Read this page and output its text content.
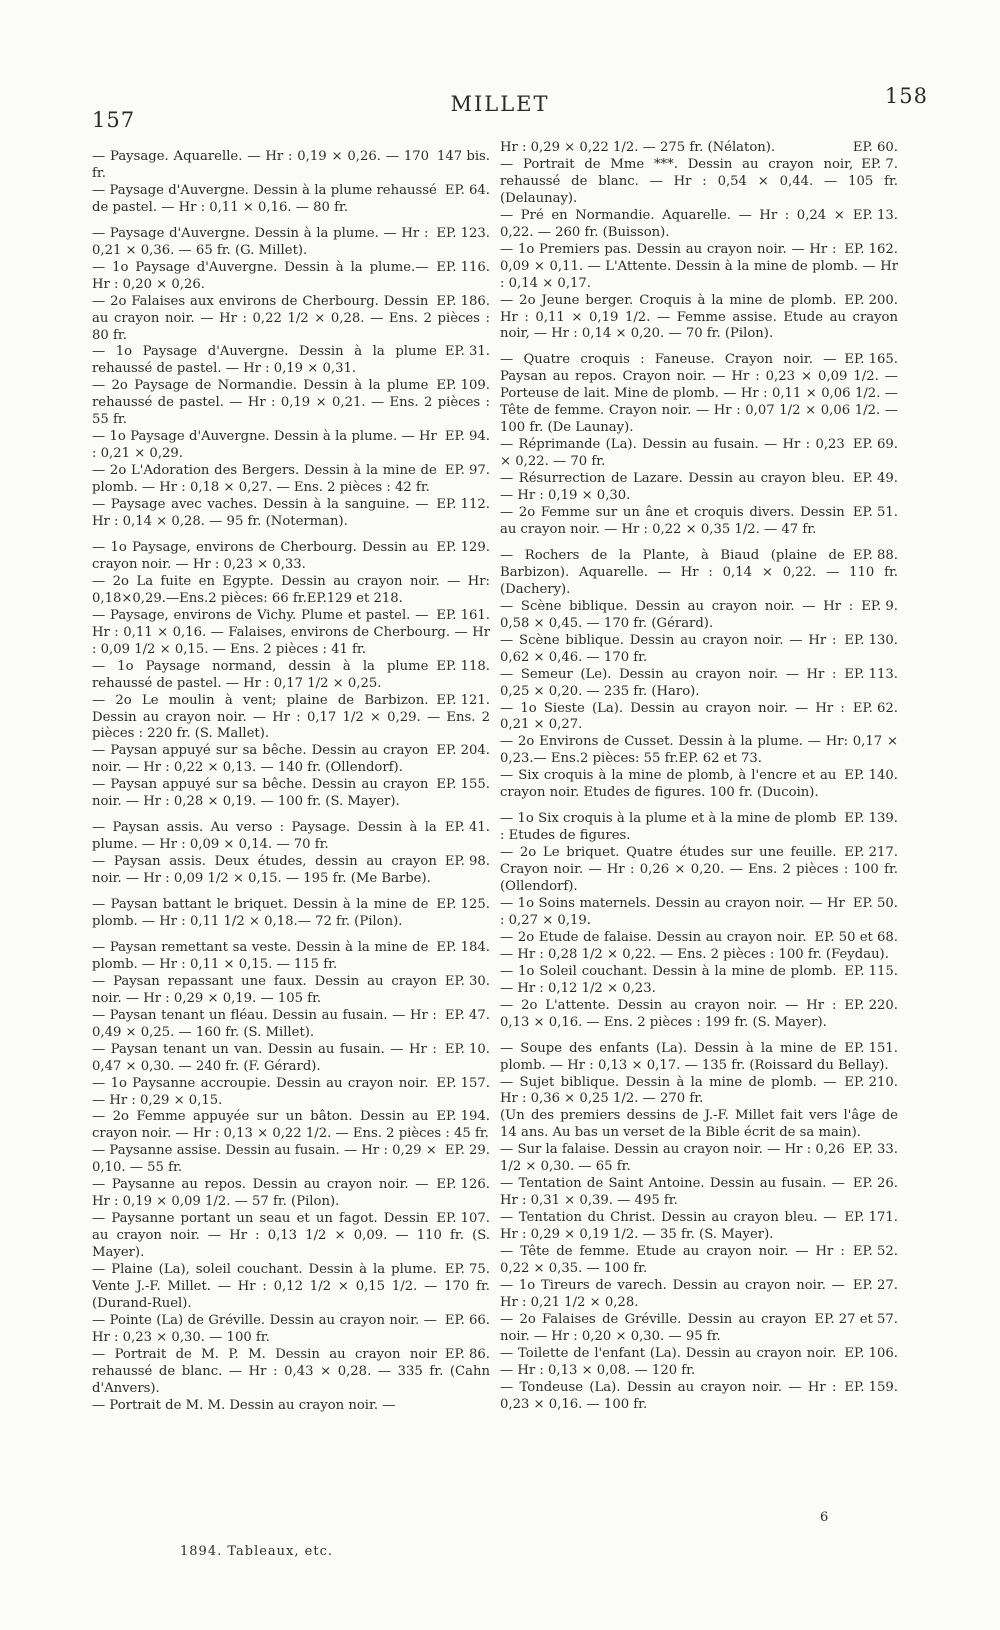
157
MILLET	158

147 bis.
— Paysage. Aquarelle. — Hr : 0,19 × 0,26. — 170 fr.

EP. 64.
— Paysage d'Auvergne. Dessin à la plume rehaussé de pastel. — Hr : 0,11 × 0,16. — 80 fr.

EP. 123.
— Paysage d'Auvergne. Dessin à la plume. — Hr : 0,21 × 0,36. — 65 fr. (G. Millet).

EP. 116.
— 1o Paysage d'Auvergne. Dessin à la plume.— Hr : 0,20 × 0,26.

EP. 186.
— 2o Falaises aux environs de Cherbourg. Dessin au crayon noir. — Hr : 0,22 1/2 × 0,28. — Ens. 2 pièces : 80 fr.

EP. 31.
— 1o Paysage d'Auvergne. Dessin à la plume rehaussé de pastel. — Hr : 0,19 × 0,31.

EP. 109.
— 2o Paysage de Normandie. Dessin à la plume rehaussé de pastel. — Hr : 0,19 × 0,21. — Ens. 2 pièces : 55 fr.

EP. 94.
— 1o Paysage d'Auvergne. Dessin à la plume. — Hr : 0,21 × 0,29.

EP. 97.
— 2o L'Adoration des Bergers. Dessin à la mine de plomb. — Hr : 0,18 × 0,27. — Ens. 2 pièces : 42 fr.

EP. 112.
— Paysage avec vaches. Dessin à la sanguine. — Hr : 0,14 × 0,28. — 95 fr. (Noterman).

EP. 129.
— 1o Paysage, environs de Cherbourg. Dessin au crayon noir. — Hr : 0,23 × 0,33.

— 2o La fuite en Egypte. Dessin au crayon noir. — Hr: 0,18×0,29.—Ens.2 pièces: 66 fr.EP.129 et 218.

EP. 161.
— Paysage, environs de Vichy. Plume et pastel. — Hr : 0,11 × 0,16. — Falaises, environs de Cherbourg. — Hr : 0,09 1/2 × 0,15. — Ens. 2 pièces : 41 fr.

EP. 118.
— 1o Paysage normand, dessin à la plume rehaussé de pastel. — Hr : 0,17 1/2 × 0,25.

EP. 121.
— 2o Le moulin à vent; plaine de Barbizon. Dessin au crayon noir. — Hr : 0,17 1/2 × 0,29. — Ens. 2 pièces : 220 fr. (S. Mallet).

EP. 204.
— Paysan appuyé sur sa bêche. Dessin au crayon noir. — Hr : 0,22 × 0,13. — 140 fr. (Ollendorf).

EP. 155.
— Paysan appuyé sur sa bêche. Dessin au crayon noir. — Hr : 0,28 × 0,19. — 100 fr. (S. Mayer).

EP. 41.
— Paysan assis. Au verso : Paysage. Dessin à la plume. — Hr : 0,09 × 0,14. — 70 fr.

EP. 98.
— Paysan assis. Deux études, dessin au crayon noir. — Hr : 0,09 1/2 × 0,15. — 195 fr. (Me Barbe).

EP. 125.
— Paysan battant le briquet. Dessin à la mine de plomb. — Hr : 0,11 1/2 × 0,18.— 72 fr. (Pilon).

EP. 184.
— Paysan remettant sa veste. Dessin à la mine de plomb. — Hr : 0,11 × 0,15. — 115 fr.

EP. 30.
— Paysan repassant une faux. Dessin au crayon noir. — Hr : 0,29 × 0,19. — 105 fr.

EP. 47.
— Paysan tenant un fléau. Dessin au fusain. — Hr : 0,49 × 0,25. — 160 fr. (S. Millet).

EP. 10.
— Paysan tenant un van. Dessin au fusain. — Hr : 0,47 × 0,30. — 240 fr. (F. Gérard).

EP. 157.
— 1o Paysanne accroupie. Dessin au crayon noir. — Hr : 0,29 × 0,15.

EP. 194.
— 2o Femme appuyée sur un bâton. Dessin au crayon noir. — Hr : 0,13 × 0,22 1/2. — Ens. 2 pièces : 45 fr.

EP. 29.
— Paysanne assise. Dessin au fusain. — Hr : 0,29 × 0,10. — 55 fr.

EP. 126.
— Paysanne au repos. Dessin au crayon noir. — Hr : 0,19 × 0,09 1/2. — 57 fr. (Pilon).

EP. 107.
— Paysanne portant un seau et un fagot. Dessin au crayon noir. — Hr : 0,13 1/2 × 0,09. — 110 fr. (S. Mayer).

EP. 75.
— Plaine (La), soleil couchant. Dessin à la plume. Vente J.-F. Millet. — Hr : 0,12 1/2 × 0,15 1/2. — 170 fr. (Durand-Ruel).

EP. 66.
— Pointe (La) de Gréville. Dessin au crayon noir. — Hr : 0,23 × 0,30. — 100 fr.

EP. 86.
— Portrait de M. P. M. Dessin au crayon noir rehaussé de blanc. — Hr : 0,43 × 0,28. — 335 fr. (Cahn d'Anvers).

— Portrait de M. M. Dessin au crayon noir. —

EP. 60.
Hr : 0,29 × 0,22 1/2. — 275 fr. (Nélaton).

EP. 7.
— Portrait de Mme ***. Dessin au crayon noir, rehaussé de blanc. — Hr : 0,54 × 0,44. — 105 fr. (Delaunay).

EP. 13.
— Pré en Normandie. Aquarelle. — Hr : 0,24 × 0,22. — 260 fr. (Buisson).

EP. 162.
— 1o Premiers pas. Dessin au crayon noir. — Hr : 0,09 × 0,11. — L'Attente. Dessin à la mine de plomb. — Hr : 0,14 × 0,17.

EP. 200.
— 2o Jeune berger. Croquis à la mine de plomb. Hr : 0,11 × 0,19 1/2. — Femme assise. Etude au crayon noir, — Hr : 0,14 × 0,20. — 70 fr. (Pilon).

EP. 165.
— Quatre croquis : Faneuse. Crayon noir. — Paysan au repos. Crayon noir. — Hr : 0,23 × 0,09 1/2. — Porteuse de lait. Mine de plomb. — Hr : 0,11 × 0,06 1/2. — Tête de femme. Crayon noir. — Hr : 0,07 1/2 × 0,06 1/2. — 100 fr. (De Launay).

EP. 69.
— Réprimande (La). Dessin au fusain. — Hr : 0,23 × 0,22. — 70 fr.

EP. 49.
— Résurrection de Lazare. Dessin au crayon bleu. — Hr : 0,19 × 0,30.

EP. 51.
— 2o Femme sur un âne et croquis divers. Dessin au crayon noir. — Hr : 0,22 × 0,35 1/2. — 47 fr.

EP. 88.
— Rochers de la Plante, à Biaud (plaine de Barbizon). Aquarelle. — Hr : 0,14 × 0,22. — 110 fr. (Dachery).

EP. 9.
— Scène biblique. Dessin au crayon noir. — Hr : 0,58 × 0,45. — 170 fr. (Gérard).

EP. 130.
— Scène biblique. Dessin au crayon noir. — Hr : 0,62 × 0,46. — 170 fr.

EP. 113.
— Semeur (Le). Dessin au crayon noir. — Hr : 0,25 × 0,20. — 235 fr. (Haro).

EP. 62.
— 1o Sieste (La). Dessin au crayon noir. — Hr : 0,21 × 0,27.

— 2o Environs de Cusset. Dessin à la plume. — Hr: 0,17 × 0,23.— Ens.2 pièces: 55 fr.EP. 62 et 73.

EP. 140.
— Six croquis à la mine de plomb, à l'encre et au crayon noir. Etudes de figures. 100 fr. (Ducoin).

EP. 139.
— 1o Six croquis à la plume et à la mine de plomb : Etudes de figures.

EP. 217.
— 2o Le briquet. Quatre études sur une feuille. Crayon noir. — Hr : 0,26 × 0,20. — Ens. 2 pièces : 100 fr. (Ollendorf).

EP. 50.
— 1o Soins maternels. Dessin au crayon noir. — Hr : 0,27 × 0,19.

EP. 50 et 68.
— 2o Etude de falaise. Dessin au crayon noir. — Hr : 0,28 1/2 × 0,22. — Ens. 2 pièces : 100 fr. (Feydau).

EP. 115.
— 1o Soleil couchant. Dessin à la mine de plomb. — Hr : 0,12 1/2 × 0,23.

EP. 220.
— 2o L'attente. Dessin au crayon noir. — Hr : 0,13 × 0,16. — Ens. 2 pièces : 199 fr. (S. Mayer).

EP. 151.
— Soupe des enfants (La). Dessin à la mine de plomb. — Hr : 0,13 × 0,17. — 135 fr. (Roissard du Bellay).

EP. 210.
— Sujet biblique. Dessin à la mine de plomb. — Hr : 0,36 × 0,25 1/2. — 270 fr.

(Un des premiers dessins de J.-F. Millet fait vers l'âge de 14 ans. Au bas un verset de la Bible écrit de sa main).

EP. 33.
— Sur la falaise. Dessin au crayon noir. — Hr : 0,26 1/2 × 0,30. — 65 fr.

EP. 26.
— Tentation de Saint Antoine. Dessin au fusain. — Hr : 0,31 × 0,39. — 495 fr.

EP. 171.
— Tentation du Christ. Dessin au crayon bleu. — Hr : 0,29 × 0,19 1/2. — 35 fr. (S. Mayer).

EP. 52.
— Tête de femme. Etude au crayon noir. — Hr : 0,22 × 0,35. — 100 fr.

EP. 27.
— 1o Tireurs de varech. Dessin au crayon noir. — Hr : 0,21 1/2 × 0,28.

EP. 27 et 57.
— 2o Falaises de Gréville. Dessin au crayon noir. — Hr : 0,20 × 0,30. — 95 fr.

EP. 106.
— Toilette de l'enfant (La). Dessin au crayon noir. — Hr : 0,13 × 0,08. — 120 fr.

EP. 159.
— Tondeuse (La). Dessin au crayon noir. — Hr : 0,23 × 0,16. — 100 fr.

1894. Tableaux, etc.
6
